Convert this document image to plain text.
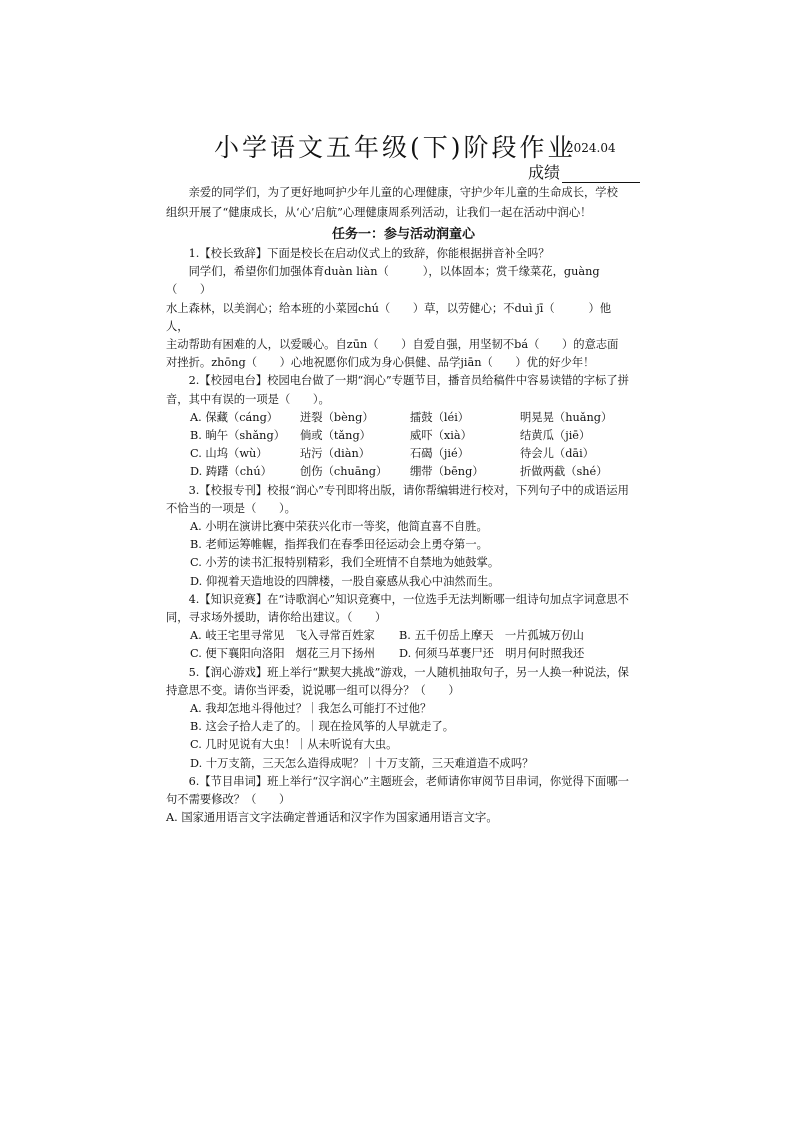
小学语文五年级(下)阶段作业
2024.04
成绩
亲爱的同学们，为了更好地呵护少年儿童的心理健康，守护少年儿童的生命成长，学校组织开展了“健康成长，从‘心’启航”心理健康周系列活动，让我们一起在活动中润心！
任务一：参与活动润童心

1.【校长致辞】下面是校长在启动仪式上的致辞，你能根据拼音补全吗？

同学们，希望你们加强体育duàn liàn（　　　），以体固本；赏千缘菜花，guàng（　　）

水上森林，以美润心；给本班的小菜园chú（　　）草，以劳健心；不duì jī（　　　）他人，

主动帮助有困难的人，以爱暖心。自zūn（　　）自爱自强，用坚韧不bá（　　）的意志面

对挫折。zhōng（　　）心地祝愿你们成为身心俱健、品学jiān（　　）优的好少年！

2.【校园电台】校园电台做了一期“润心”专题节目，播音员给稿件中容易读错的字标了拼音，其中有误的一项是（　　）。

A. 保藏（cáng）	迸裂（bèng）	擂鼓（léi）	明晃晃（huǎng）
B. 晌午（shǎng）	倘或（tǎng）	威吓（xià）	结黄瓜（jiē）
C. 山坞（wù）	玷污（diàn）	石碣（jié）	待会儿（dāi）
D. 踌躇（chú）	创伤（chuāng）	绷带（bēng）	折做两截（shé）

3.【校报专刊】校报“润心”专刊即将出版，请你帮编辑进行校对，下列句子中的成语运用不恰当的一项是（　　）。

A. 小明在演讲比赛中荣获兴化市一等奖，他简直喜不自胜。

B. 老师运筹帷幄，指挥我们在春季田径运动会上勇夺第一。

C. 小芳的读书汇报特别精彩，我们全班情不自禁地为她鼓掌。

D. 仰视着天造地设的四牌楼，一股自豪感从我心中油然而生。

4.【知识竞赛】在“诗歌润心”知识竞赛中，一位选手无法判断哪一组诗句加点字词意思不同，寻求场外援助，请你给出建议。（　　）

A. 岐王宅里寻常见　飞入寻常百姓家	B. 五千仞岳上摩天　一片孤城万仞山
C. 便下襄阳向洛阳　烟花三月下扬州	D. 何须马革裹尸还　明月何时照我还

5.【润心游戏】班上举行“默契大挑战”游戏，一人随机抽取句子，另一人换一种说法，保持意思不变。请你当评委，说说哪一组可以得分？（　　）

A. 我却怎地斗得他过？｜我怎么可能打不过他？

B. 这会子拾人走了的。｜现在捡风筝的人早就走了。

C. 几时见说有大虫！｜从未听说有大虫。

D. 十万支箭，三天怎么造得成呢？｜十万支箭，三天难道造不成吗？

6.【节目串词】班上举行“汉字润心”主题班会，老师请你审阅节目串词，你觉得下面哪一句不需要修改？（　　）

A. 国家通用语言文字法确定普通话和汉字作为国家通用语言文字。
